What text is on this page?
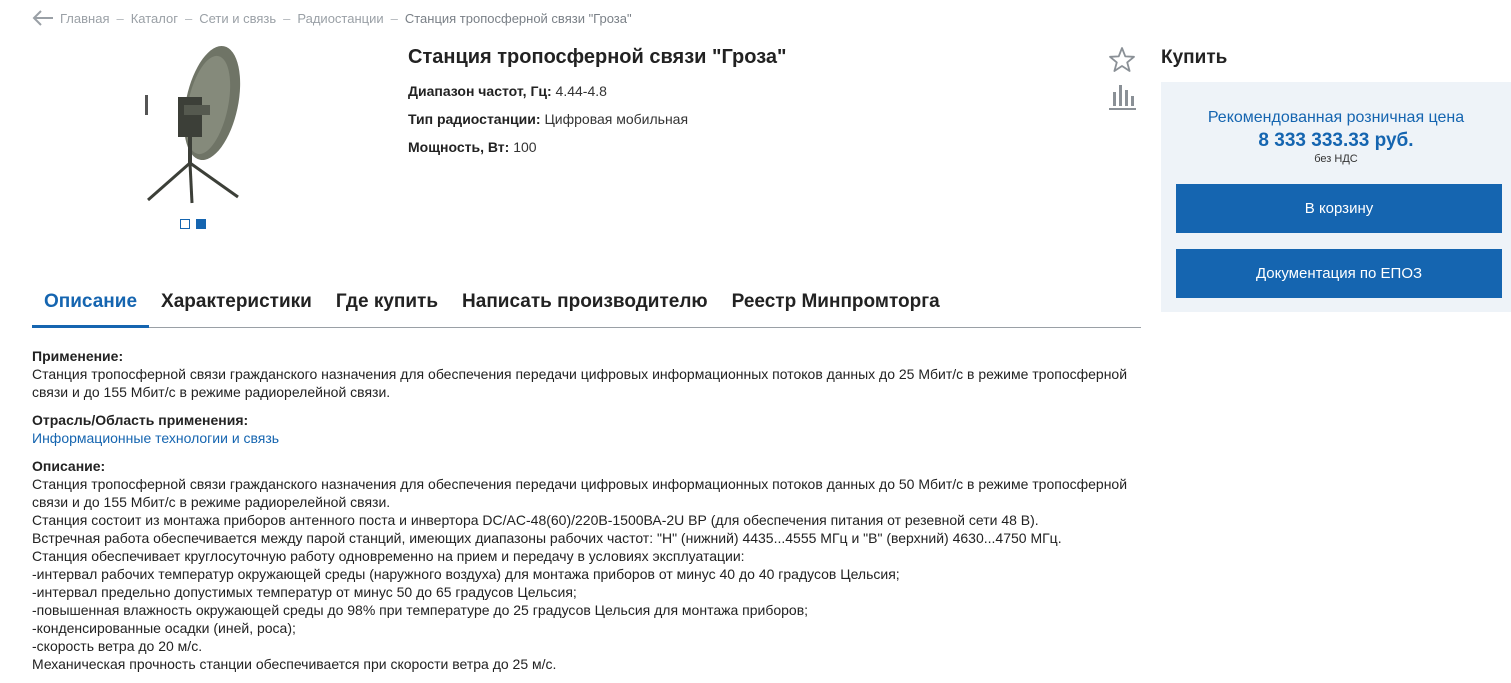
Главная – Каталог – Сети и связь – Радиостанции – Станция тропосферной связи "Гроза"
Станция тропосферной связи "Гроза"
Диапазон частот, Гц: 4.44-4.8
Тип радиостанции: Цифровая мобильная
Мощность, Вт: 100
Купить
Рекомендованная розничная цена
8 333 333.33 руб.
без НДС
В корзину
Документация по ЕПОЗ
Описание	Характеристики	Где купить	Написать производителю	Реестр Минпромторга
Применение:

Станция тропосферной связи гражданского назначения для обеспечения передачи цифровых информационных потоков данных до 25 Мбит/с в режиме тропосферной связи и до 155 Мбит/с в режиме радиорелейной связи.

Отрасль/Область применения:
Информационные технологии и связь
Описание:

Станция тропосферной связи гражданского назначения для обеспечения передачи цифровых информационных потоков данных до 50 Мбит/с в режиме тропосферной связи и до 155 Мбит/с в режиме радиорелейной связи.

Станция состоит из монтажа приборов антенного поста и инвертора DC/AC-48(60)/220В-1500ВА-2U ВР (для обеспечения питания от резевной сети 48 В).

Встречная работа обеспечивается между парой станций, имеющих диапазоны рабочих частот: "Н" (нижний) 4435...4555 МГц и "В" (верхний) 4630...4750 МГц.

Станция обеспечивает круглосуточную работу одновременно на прием и передачу в условиях эксплуатации:

-интервал рабочих температур окружающей среды (наружного воздуха) для монтажа приборов от минус 40 до 40 градусов Цельсия;

-интервал предельно допустимых температур от минус 50 до 65 градусов Цельсия;

-повышенная влажность окружающей среды до 98% при температуре до 25 градусов Цельсия для монтажа приборов;

-конденсированные осадки (иней, роса);

-скорость ветра до 20 м/с.

Механическая прочность станции обеспечивается при скорости ветра до 25 м/с.
